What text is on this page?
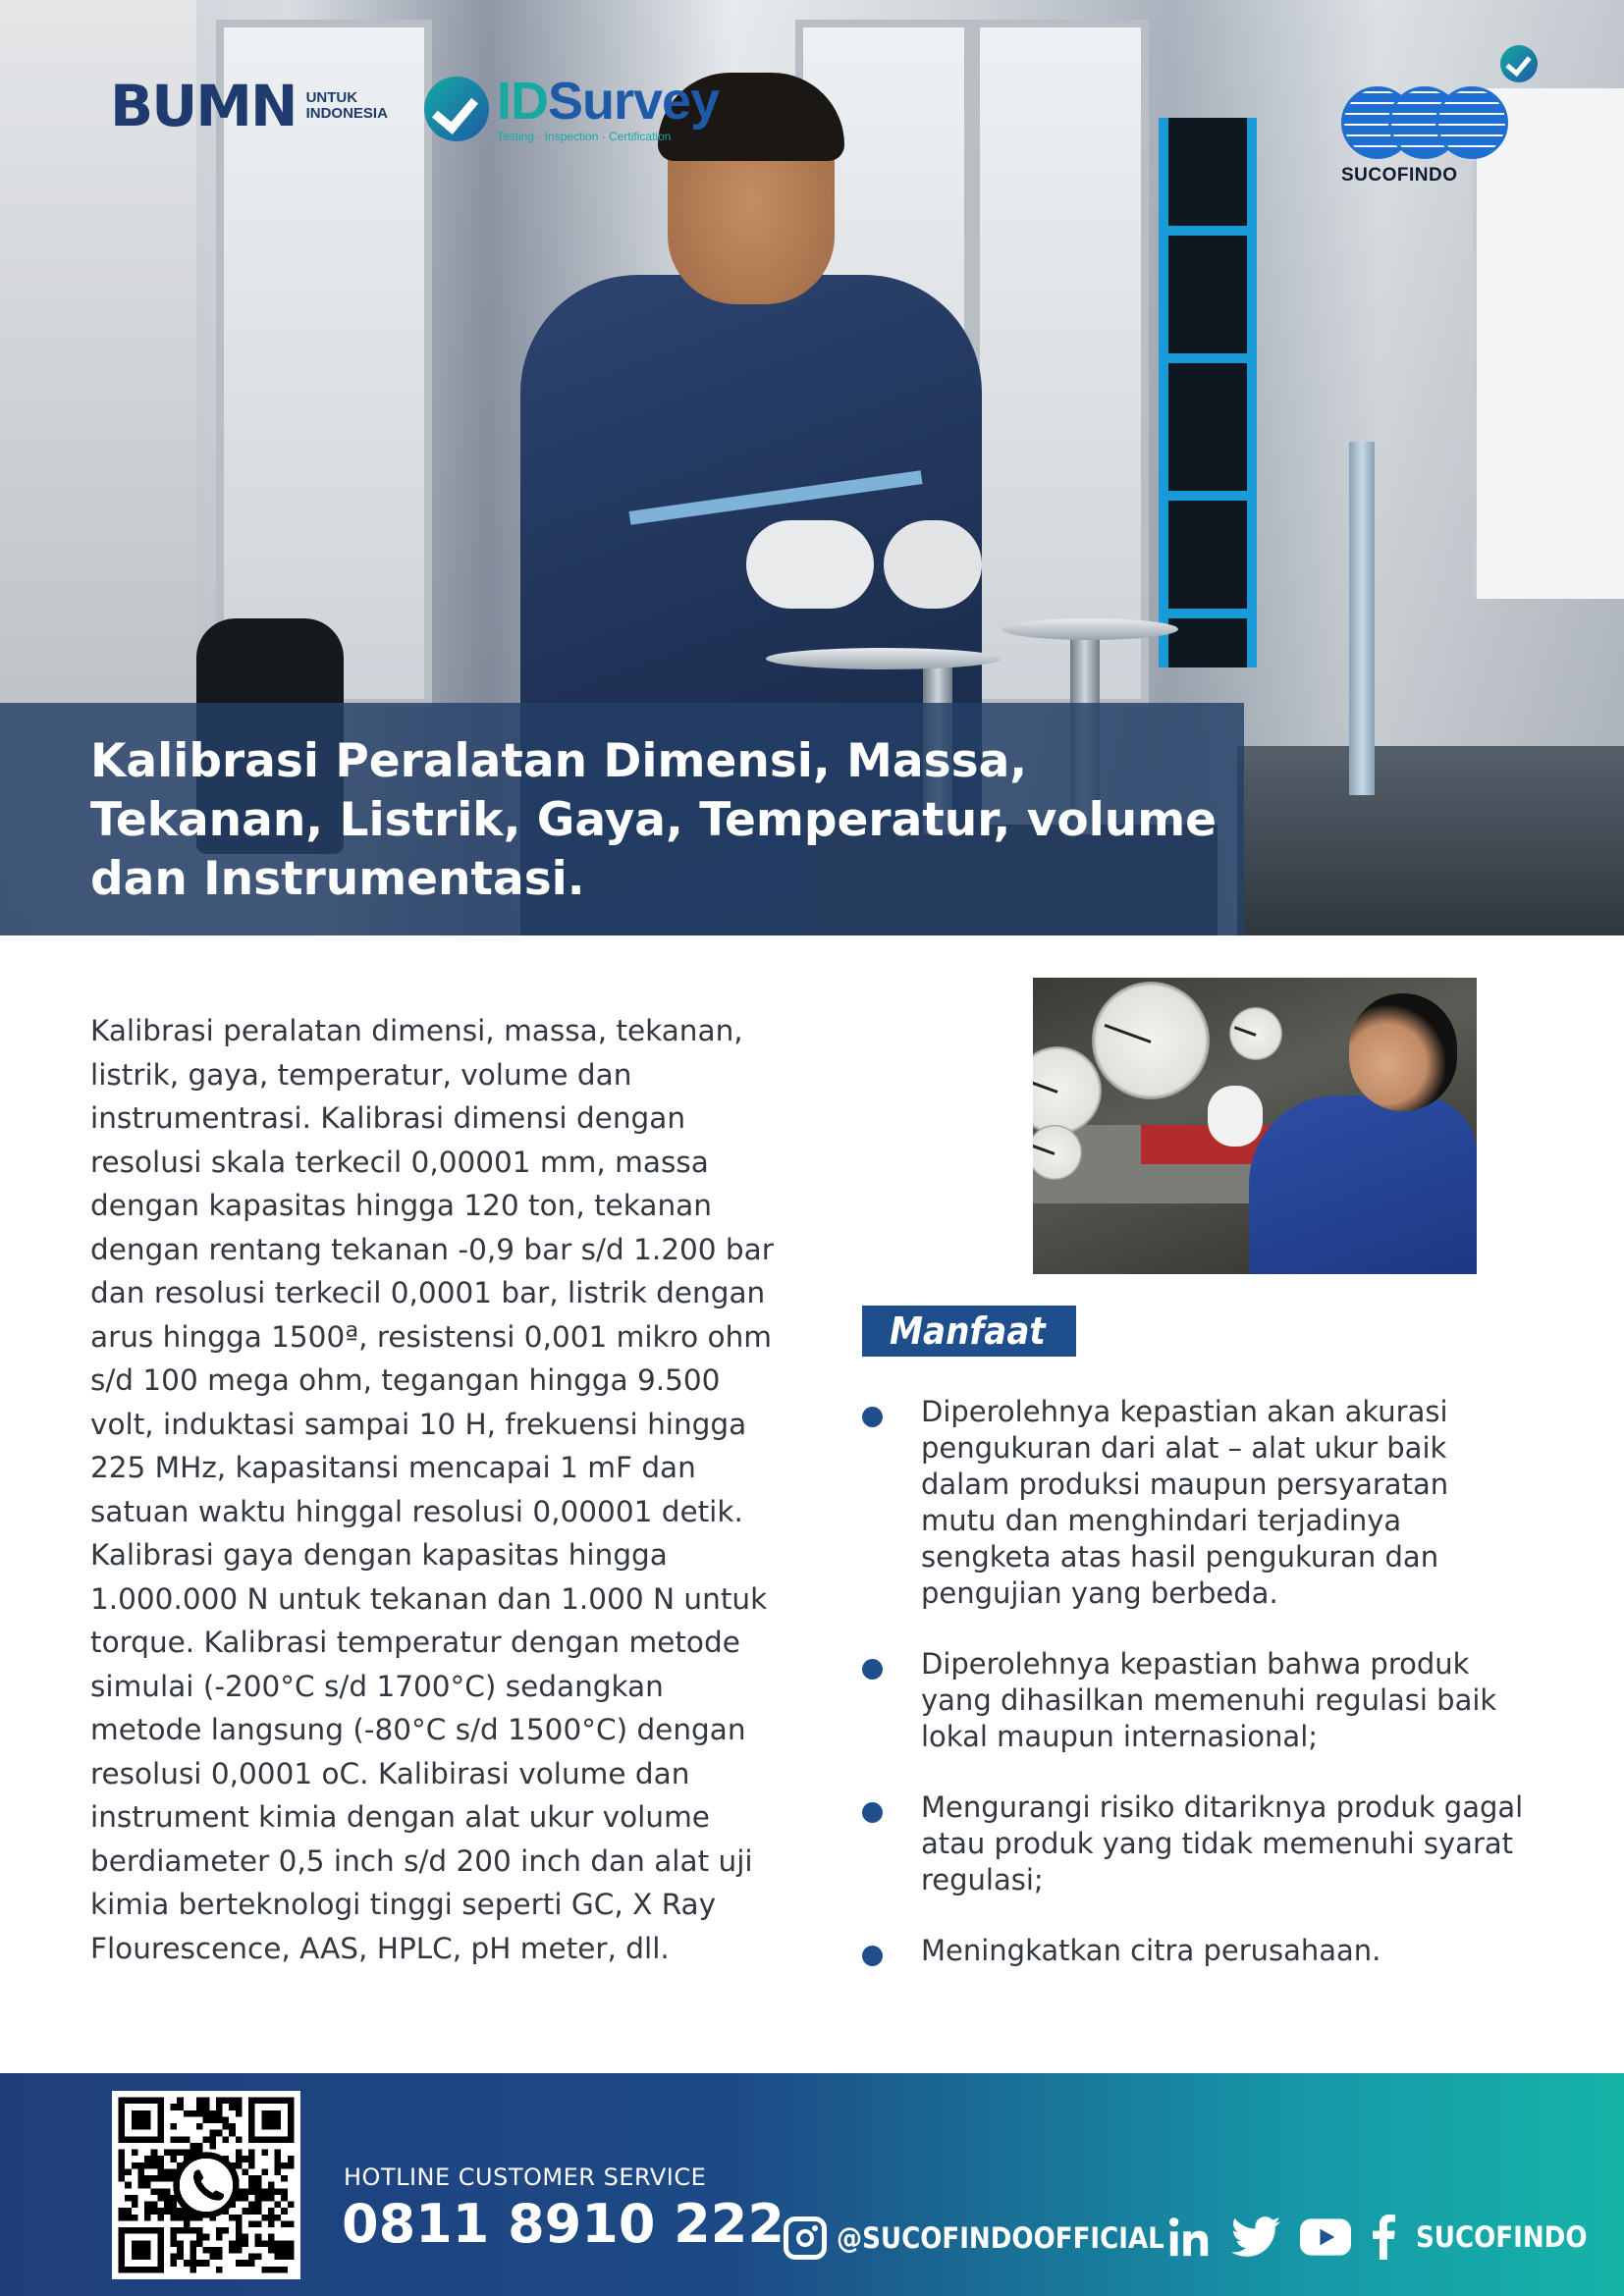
BUMN UNTUK
INDONESIA IDSurvey
Testing · Inspection · Certification
SUCOFINDO
Kalibrasi Peralatan Dimensi, Massa, Tekanan, Listrik, Gaya, Temperatur, volume dan Instrumentasi.
Kalibrasi peralatan dimensi, massa, tekanan,
listrik, gaya, temperatur, volume dan
instrumentrasi. Kalibrasi dimensi dengan
resolusi skala terkecil 0,00001 mm, massa
dengan kapasitas hingga 120 ton, tekanan
dengan rentang tekanan -0,9 bar s/d 1.200 bar
dan resolusi terkecil 0,0001 bar, listrik dengan
arus hingga 1500ª, resistensi 0,001 mikro ohm
s/d 100 mega ohm, tegangan hingga 9.500
volt, induktasi sampai 10 H, frekuensi hingga
225 MHz, kapasitansi mencapai 1 mF dan
satuan waktu hinggal resolusi 0,00001 detik.
Kalibrasi gaya dengan kapasitas hingga
1.000.000 N untuk tekanan dan 1.000 N untuk
torque. Kalibrasi temperatur dengan metode
simulai (-200°C s/d 1700°C) sedangkan
metode langsung (-80°C s/d 1500°C) dengan
resolusi 0,0001 oC. Kalibirasi volume dan
instrument kimia dengan alat ukur volume
berdiameter 0,5 inch s/d 200 inch dan alat uji
kimia berteknologi tinggi seperti GC, X Ray
Flourescence, AAS, HPLC, pH meter, dll.
Manfaat
Diperolehnya kepastian akan akurasi
pengukuran dari alat – alat ukur baik
dalam produksi maupun persyaratan
mutu dan menghindari terjadinya
sengketa atas hasil pengukuran dan
pengujian yang berbeda.
Diperolehnya kepastian bahwa produk
yang dihasilkan memenuhi regulasi baik
lokal maupun internasional;
Mengurangi risiko ditariknya produk gagal
atau produk yang tidak memenuhi syarat
regulasi;
Meningkatkan citra perusahaan.
HOTLINE CUSTOMER SERVICE
0811 8910 222 @SUCOFINDOOFFICIAL	SUCOFINDO
